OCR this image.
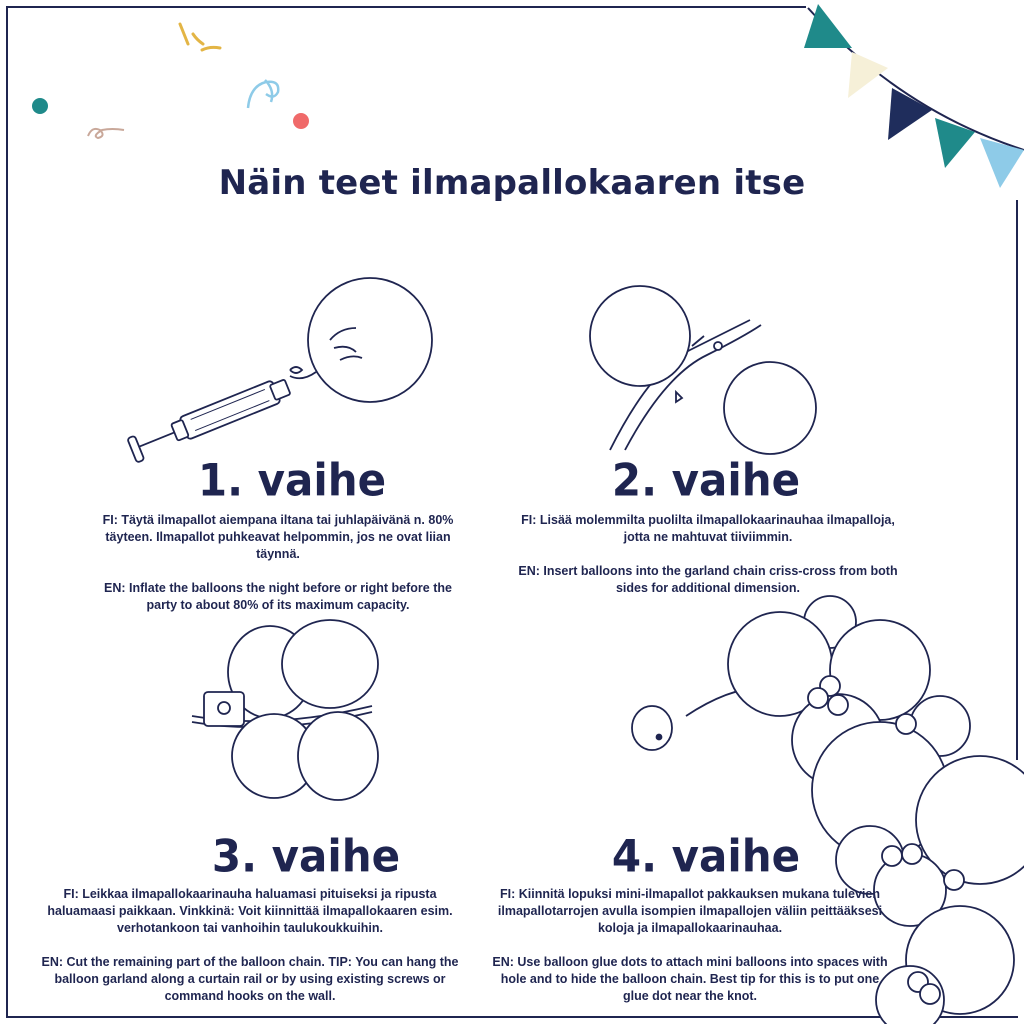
Näin teet ilmapallokaaren itse
1. vaihe

FI: Täytä ilmapallot aiempana iltana tai juhlapäivänä n. 80% täyteen. Ilmapallot puhkeavat helpommin, jos ne ovat liian täynnä.

EN: Inflate the balloons the night before or right before the party to about 80% of its maximum capacity.

2. vaihe

FI: Lisää molemmilta puolilta ilmapallokaarinauhaa ilmapalloja, jotta ne mahtuvat tiiviimmin.

EN: Insert balloons into the garland chain criss-cross from both sides for additional dimension.

3. vaihe

FI: Leikkaa ilmapallokaarinauha haluamasi pituiseksi ja ripusta haluamaasi paikkaan. Vinkkinä: Voit kiinnittää ilmapallokaaren esim. verhotankoon tai vanhoihin taulukoukkuihin.

EN: Cut the remaining part of the balloon chain. TIP: You can hang the balloon garland along a curtain rail or by using existing screws or command hooks on the wall.

4. vaihe

FI: Kiinnitä lopuksi mini-ilmapallot pakkauksen mukana tulevien ilmapallotarrojen avulla isompien ilmapallojen väliin peittääksesi koloja ja ilmapallokaarinauhaa.

EN: Use balloon glue dots to attach mini balloons into spaces with hole and to hide the balloon chain. Best tip for this is to put one glue dot near the knot.
